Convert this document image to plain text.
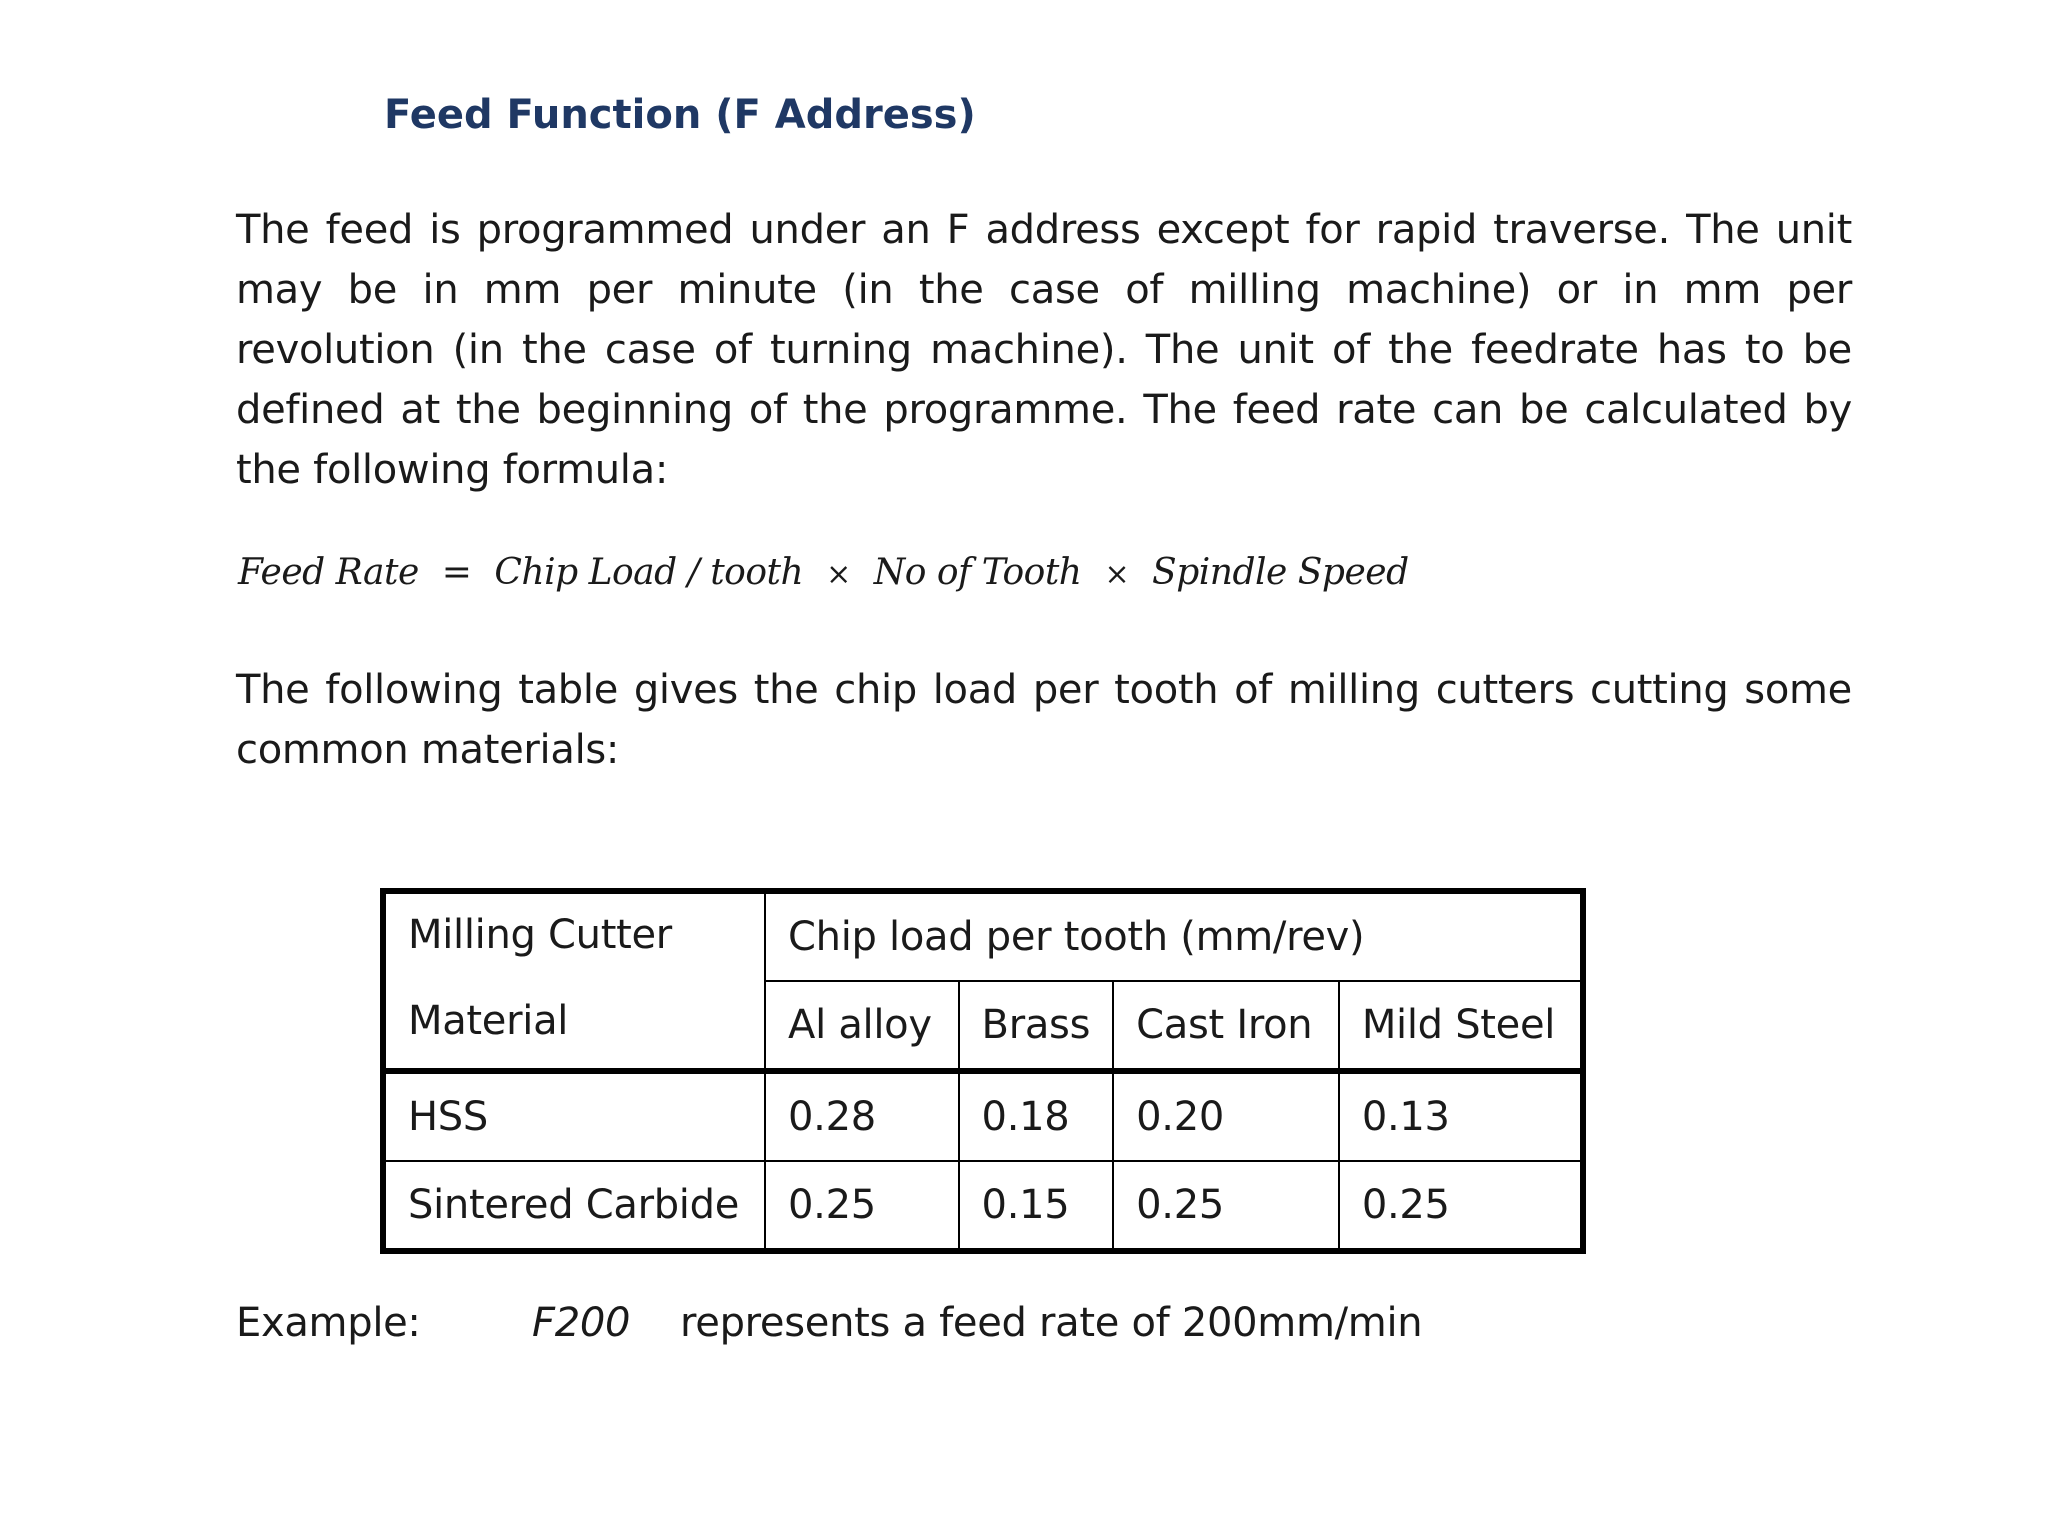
Feed Function (F Address)

The feed is programmed under an F address except for rapid traverse. The unit may be in mm per minute (in the case of milling machine) or in mm per revolution (in the case of turning machine). The unit of the feedrate has to be defined at the beginning of the programme. The feed rate can be calculated by the following formula:

Feed Rate = Chip Load / tooth × No of Tooth × Spindle Speed

The following table gives the chip load per tooth of milling cutters cutting some common materials:

Milling Cutter
Material	Chip load per tooth (mm/rev)			
	Al alloy	Brass	Cast Iron	Mild Steel
HSS	0.28	0.18	0.20	0.13
Sintered Carbide	0.25	0.15	0.25	0.25
Example:	F200 represents a feed rate of 200mm/min
